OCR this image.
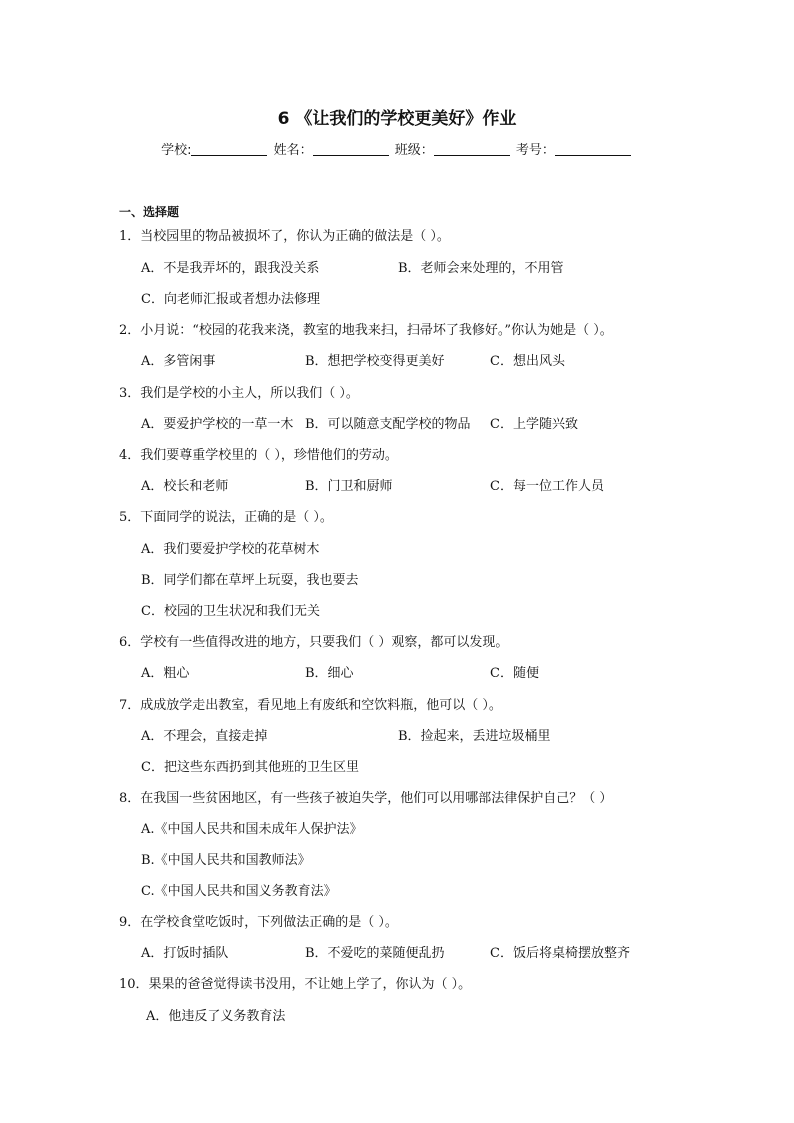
6 《让我们的学校更美好》作业
学校:	姓名：	班级：	考号：
一、选择题
1．当校园里的物品被损坏了，你认为正确的做法是（ ）。
A．不是我弄坏的，跟我没关系	B．老师会来处理的，不用管
C．向老师汇报或者想办法修理
2．小月说：“校园的花我来浇，教室的地我来扫，扫帚坏了我修好。”你认为她是（ ）。
A．多管闲事	B．想把学校变得更美好	C．想出风头
3．我们是学校的小主人，所以我们（ ）。
A．要爱护学校的一草一木 B．可以随意支配学校的物品 C．上学随兴致
4．我们要尊重学校里的（ ），珍惜他们的劳动。
A．校长和老师	B．门卫和厨师	C．每一位工作人员
5．下面同学的说法，正确的是（ ）。
A．我们要爱护学校的花草树木
B．同学们都在草坪上玩耍，我也要去
C．校园的卫生状况和我们无关
6．学校有一些值得改进的地方，只要我们（ ）观察，都可以发现。
A．粗心	B．细心	C．随便
7．成成放学走出教室，看见地上有废纸和空饮料瓶，他可以（ ）。
A．不理会，直接走掉	B．捡起来，丢进垃圾桶里
C．把这些东西扔到其他班的卫生区里
8．在我国一些贫困地区，有一些孩子被迫失学，他们可以用哪部法律保护自己？（ ）
A.《中国人民共和国未成年人保护法》
B.《中国人民共和国教师法》
C.《中国人民共和国义务教育法》
9．在学校食堂吃饭时，下列做法正确的是（ ）。
A．打饭时插队	B．不爱吃的菜随便乱扔	C．饭后将桌椅摆放整齐
10．果果的爸爸觉得读书没用，不让她上学了，你认为（ ）。
A．他违反了义务教育法
